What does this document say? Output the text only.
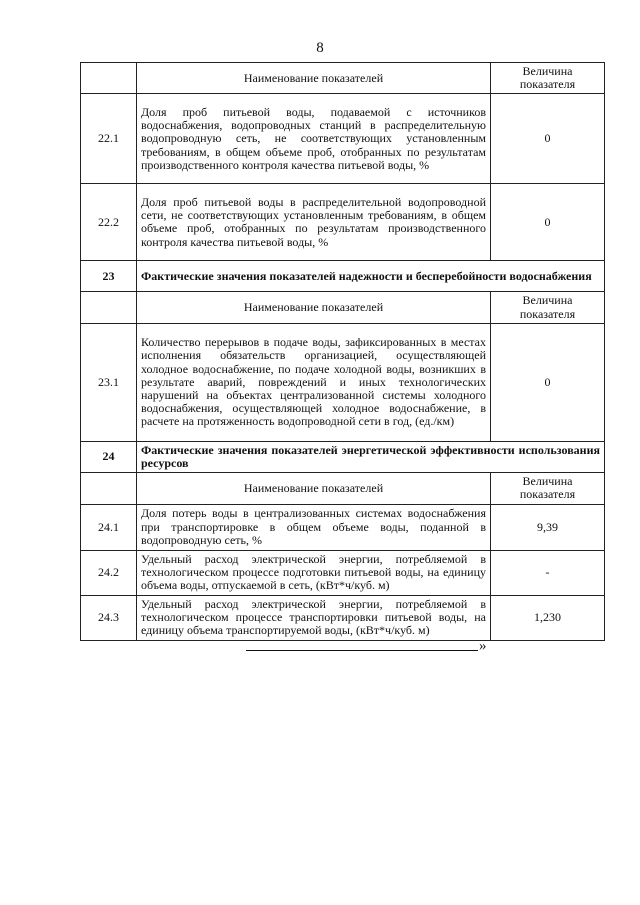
8
	Наименование показателей	Величина показателя
22.1	Доля проб питьевой воды, подаваемой с источников водоснабжения, водопроводных станций в распределительную водопроводную сеть, не соответствующих установленным требованиям, в общем объеме проб, отобранных по результатам производственного контроля качества питьевой воды, %	0
22.2	Доля проб питьевой воды в распределительной водопроводной сети, не соответствующих установленным требованиям, в общем объеме проб, отобранных по результатам производственного контроля качества питьевой воды, %	0
23	Фактические значения показателей надежности и бесперебойности водоснабжения	
	Наименование показателей	Величина показателя
23.1	Количество перерывов в подаче воды, зафиксированных в местах исполнения обязательств организацией, осуществляющей холодное водоснабжение, по подаче холодной воды, возникших в результате аварий, повреждений и иных технологических нарушений на объектах централизованной системы холодного водоснабжения, осуществляющей холодное водоснабжение, в расчете на протяженность водопроводной сети в год, (ед./км)	0
24	Фактические значения показателей энергетической эффективности использования ресурсов	
	Наименование показателей	Величина показателя
24.1	Доля потерь воды в централизованных системах водоснабжения при транспортировке в общем объеме воды, поданной в водопроводную сеть, %	9,39
24.2	Удельный расход электрической энергии, потребляемой в технологическом процессе подготовки питьевой воды, на единицу объема воды, отпускаемой в сеть, (кВт*ч/куб. м)	-
24.3	Удельный расход электрической энергии, потребляемой в технологическом процессе транспортировки питьевой воды, на единицу объема транспортируемой воды, (кВт*ч/куб. м)	1,230
»
